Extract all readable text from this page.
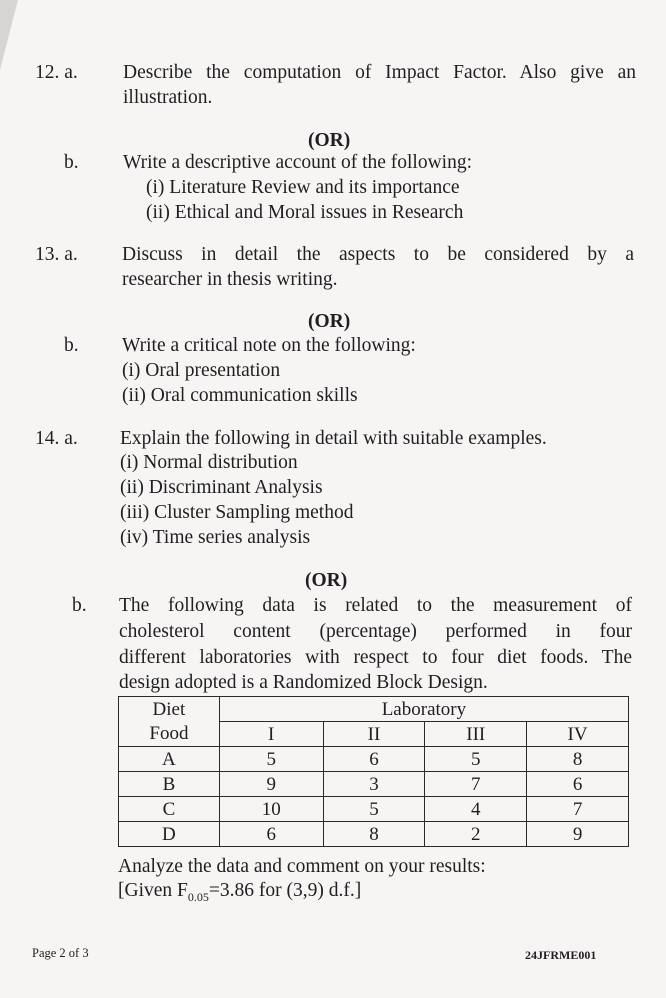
12. a. Describe the computation of Impact Factor. Also give an
illustration.
(OR)
b. Write a descriptive account of the following:
(i) Literature Review and its importance
(ii) Ethical and Moral issues in Research
13. a. Discuss in detail the aspects to be considered by a
researcher in thesis writing.
(OR)
b. Write a critical note on the following:
(i) Oral presentation
(ii) Oral communication skills
14. a. Explain the following in detail with suitable examples.
(i) Normal distribution
(ii) Discriminant Analysis
(iii) Cluster Sampling method
(iv) Time series analysis
(OR)
b. The following data is related to the measurement of
cholesterol content (percentage) performed in four
different laboratories with respect to four diet foods. The
design adopted is a Randomized Block Design.
Diet	Laboratory			
Food	I	II	III	IV
A	5	6	5	8
B	9	3	7	6
C	10	5	4	7
D	6	8	2	9
Analyze the data and comment on your results:
[Given $F_{0.05}=3.86$ for (3,9) d.f.]
Page 2 of 3	24JFRME001
